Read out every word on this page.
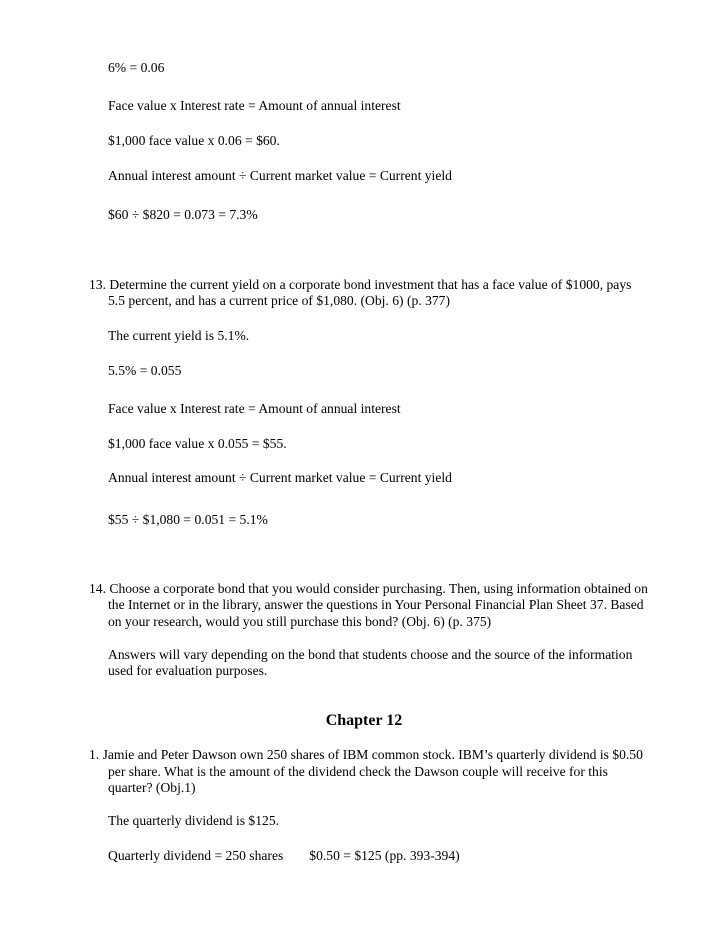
6% = 0.06
Face value x Interest rate = Amount of annual interest
$1,000 face value x 0.06 = $60.
Annual interest amount ÷ Current market value = Current yield
$60 ÷ $820 = 0.073 = 7.3%
13. Determine the current yield on a corporate bond investment that has a face value of $1000, pays
5.5 percent, and has a current price of $1,080. (Obj. 6) (p. 377)
The current yield is 5.1%.
5.5% = 0.055
Face value x Interest rate = Amount of annual interest
$1,000 face value x 0.055 = $55.
Annual interest amount ÷ Current market value = Current yield
$55 ÷ $1,080 = 0.051 = 5.1%
14. Choose a corporate bond that you would consider purchasing. Then, using information obtained on
the Internet or in the library, answer the questions in Your Personal Financial Plan Sheet 37. Based
on your research, would you still purchase this bond? (Obj. 6) (p. 375)
Answers will vary depending on the bond that students choose and the source of the information
used for evaluation purposes.
Chapter 12
1. Jamie and Peter Dawson own 250 shares of IBM common stock. IBM’s quarterly dividend is $0.50
per share. What is the amount of the dividend check the Dawson couple will receive for this
quarter? (Obj.1)
The quarterly dividend is $125.
Quarterly dividend = 250 shares $0.50 = $125 (pp. 393-394)
